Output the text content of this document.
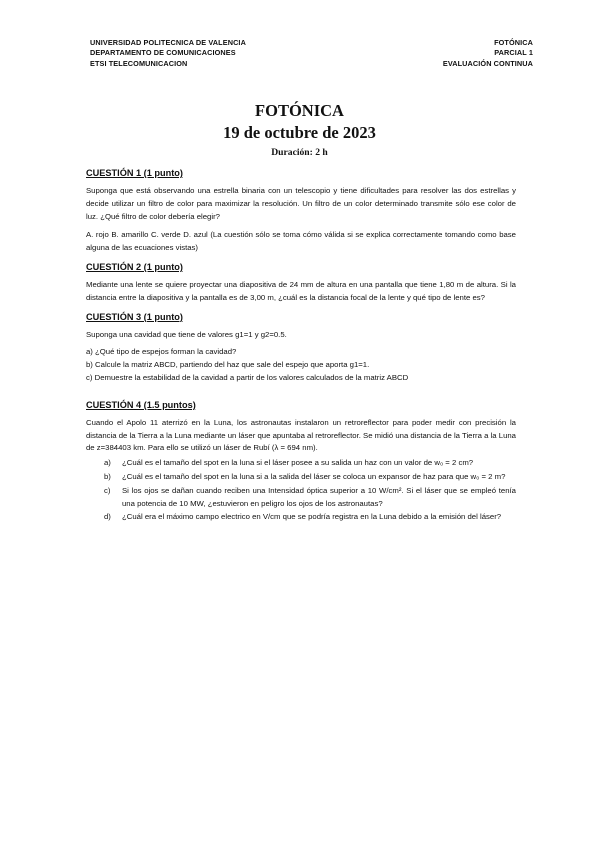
UNIVERSIDAD POLITECNICA DE VALENCIA
DEPARTAMENTO DE COMUNICACIONES
ETSI TELECOMUNICACION
FOTÓNICA
PARCIAL 1
EVALUACIÓN CONTINUA
FOTÓNICA
19 de octubre de 2023
Duración: 2 h
CUESTIÓN 1 (1 punto)

Suponga que está observando una estrella binaria con un telescopio y tiene dificultades para resolver las dos estrellas y decide utilizar un filtro de color para maximizar la resolución. Un filtro de un color determinado transmite sólo ese color de luz. ¿Qué filtro de color debería elegir?

A. rojo B. amarillo C. verde D. azul (La cuestión sólo se toma cómo válida si se explica correctamente tomando como base alguna de las ecuaciones vistas)

CUESTIÓN 2 (1 punto)

Mediante una lente se quiere proyectar una diapositiva de 24 mm de altura en una pantalla que tiene 1,80 m de altura. Si la distancia entre la diapositiva y la pantalla es de 3,00 m, ¿cuál es la distancia focal de la lente y qué tipo de lente es?

CUESTIÓN 3 (1 punto)

Suponga una cavidad que tiene de valores g1=1 y g2=0.5.

a) ¿Qué tipo de espejos forman la cavidad?
b) Calcule la matriz ABCD, partiendo del haz que sale del espejo que aporta g1=1.
c) Demuestre la estabilidad de la cavidad a partir de los valores calculados de la matriz ABCD
CUESTIÓN 4 (1.5 puntos)

Cuando el Apolo 11 aterrizó en la Luna, los astronautas instalaron un retroreflector para poder medir con precisión la distancia de la Tierra a la Luna mediante un láser que apuntaba al retroreflector. Se midió una distancia de la Tierra a la Luna de z=384403 km. Para ello se utilizó un láser de Rubí (λ = 694 nm).

a)	¿Cuál es el tamaño del spot en la luna si el láser posee a su salida un haz con un valor de w₀ = 2 cm?
b)	¿Cuál es el tamaño del spot en la luna si a la salida del láser se coloca un expansor de haz para que w₀ = 2 m?
c)	Si los ojos se dañan cuando reciben una Intensidad óptica superior a 10 W/cm². Si el láser que se empleó tenía una potencia de 10 MW, ¿estuvieron en peligro los ojos de los astronautas?
d)	¿Cuál era el máximo campo electrico en V/cm que se podría registra en la Luna debido a la emisión del láser?
